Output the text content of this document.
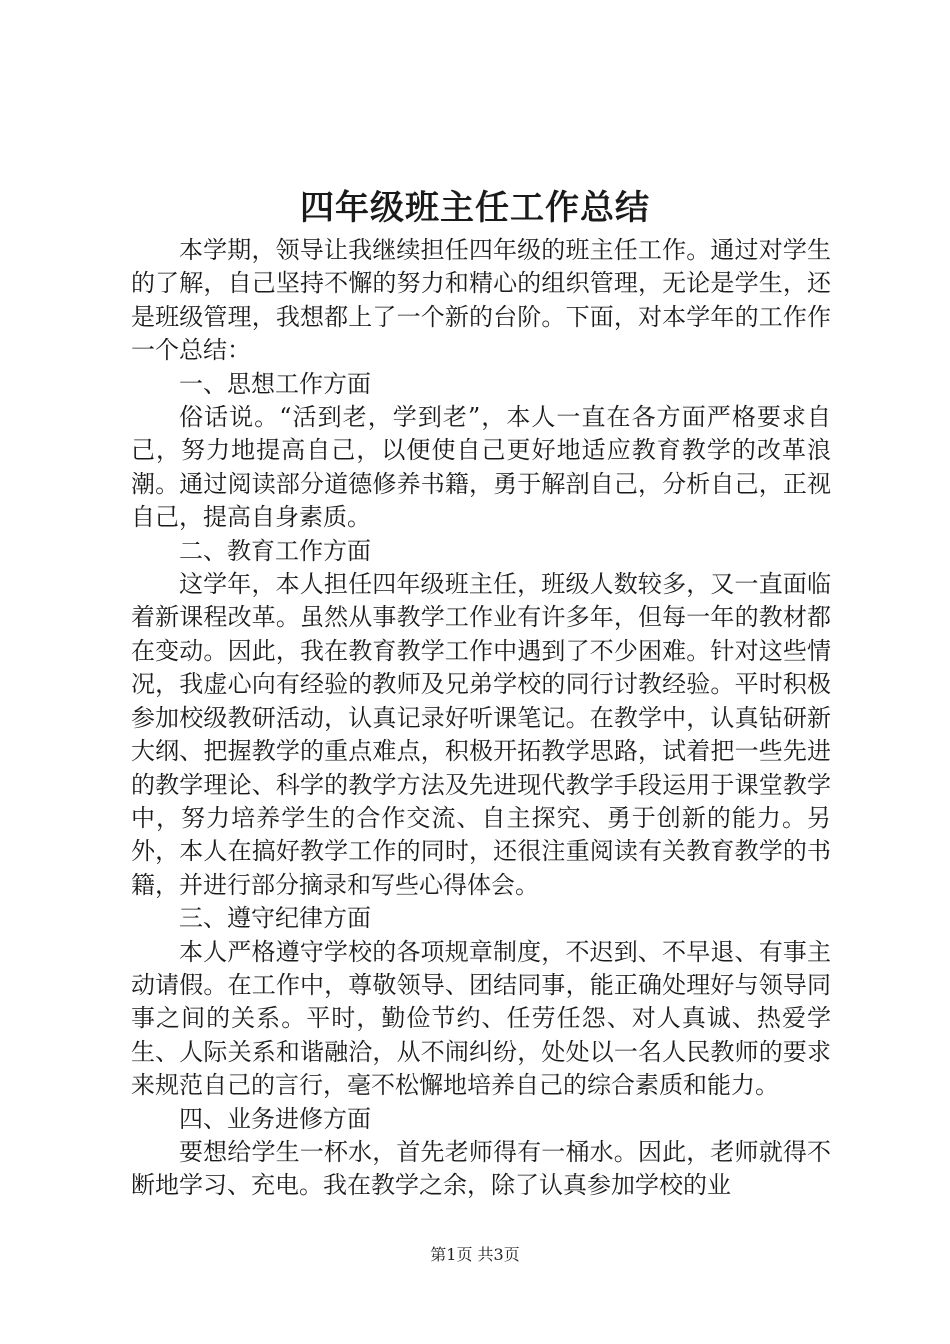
四年级班主任工作总结

本学期，领导让我继续担任四年级的班主任工作。通过对学生的了解，自己坚持不懈的努力和精心的组织管理，无论是学生，还是班级管理，我想都上了一个新的台阶。下面，对本学年的工作作一个总结：

一、思想工作方面

俗话说。“活到老，学到老”，本人一直在各方面严格要求自己，努力地提高自己，以便使自己更好地适应教育教学的改革浪潮。通过阅读部分道德修养书籍，勇于解剖自己，分析自己，正视自己，提高自身素质。

二、教育工作方面

这学年，本人担任四年级班主任，班级人数较多，又一直面临着新课程改革。虽然从事教学工作业有许多年，但每一年的教材都在变动。因此，我在教育教学工作中遇到了不少困难。针对这些情况，我虚心向有经验的教师及兄弟学校的同行讨教经验。平时积极参加校级教研活动，认真记录好听课笔记。在教学中，认真钻研新大纲、把握教学的重点难点，积极开拓教学思路，试着把一些先进的教学理论、科学的教学方法及先进现代教学手段运用于课堂教学中，努力培养学生的合作交流、自主探究、勇于创新的能力。另外，本人在搞好教学工作的同时，还很注重阅读有关教育教学的书籍，并进行部分摘录和写些心得体会。

三、遵守纪律方面

本人严格遵守学校的各项规章制度，不迟到、不早退、有事主动请假。在工作中，尊敬领导、团结同事，能正确处理好与领导同事之间的关系。平时，勤俭节约、任劳任怨、对人真诚、热爱学生、人际关系和谐融洽，从不闹纠纷，处处以一名人民教师的要求来规范自己的言行，毫不松懈地培养自己的综合素质和能力。

四、业务进修方面

要想给学生一杯水，首先老师得有一桶水。因此，老师就得不断地学习、充电。我在教学之余，除了认真参加学校的业

第1页 共3页
